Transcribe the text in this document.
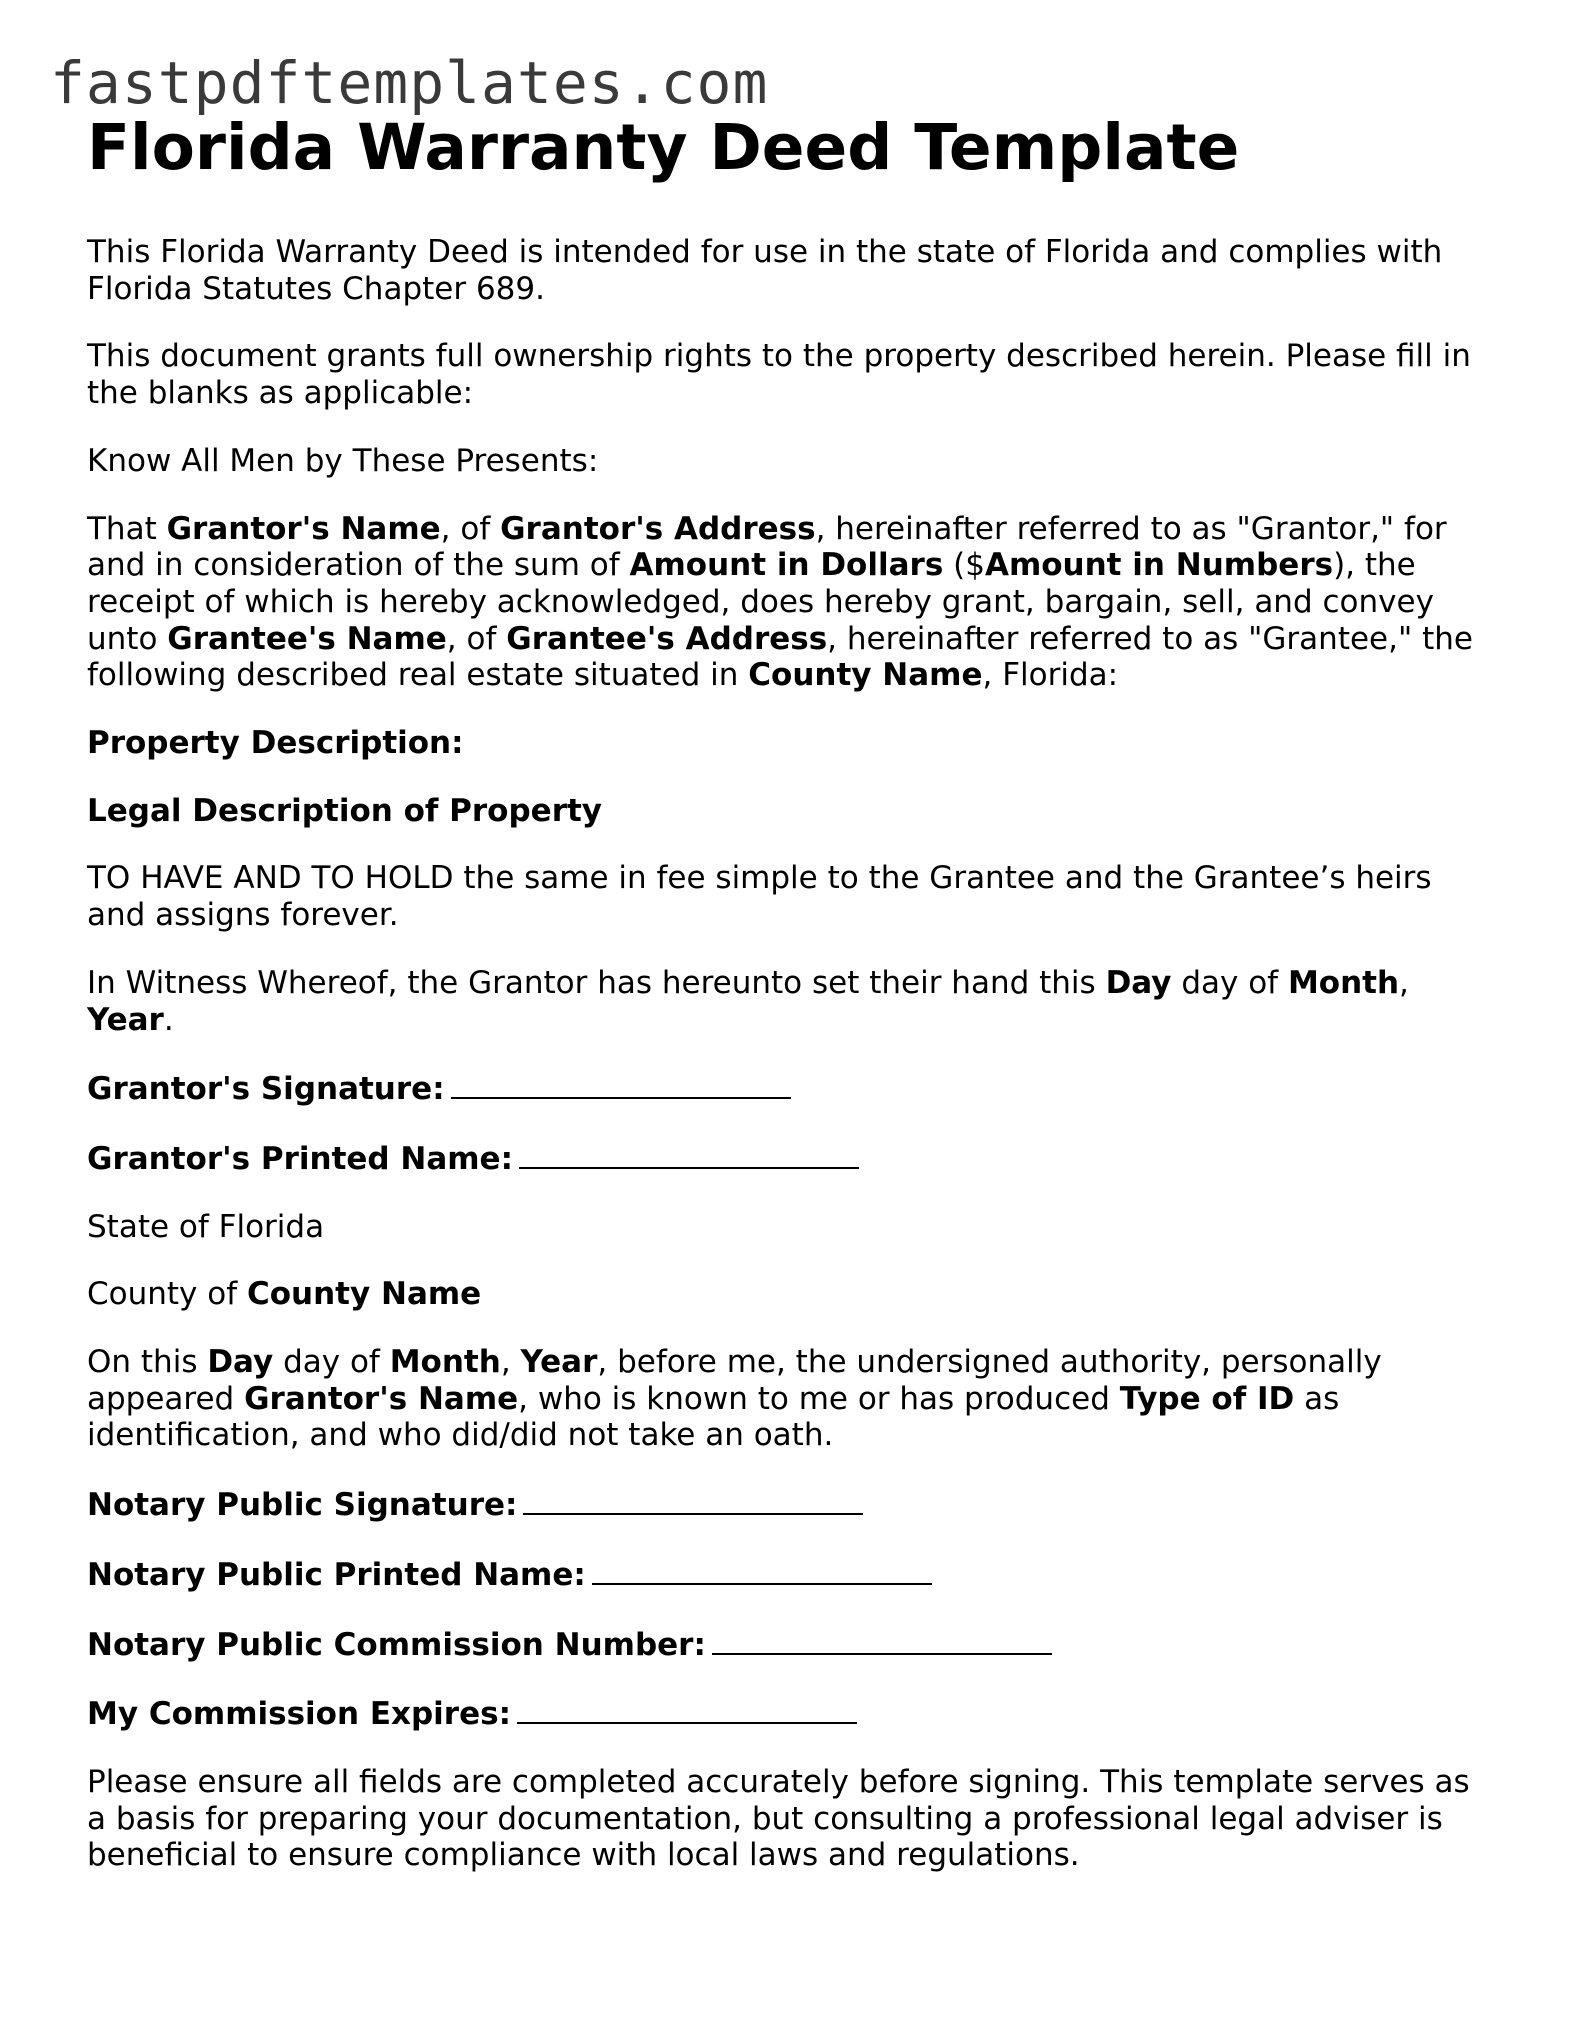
fastpdftemplates.com
Florida Warranty Deed Template

This Florida Warranty Deed is intended for use in the state of Florida and complies with Florida Statutes Chapter 689.

This document grants full ownership rights to the property described herein. Please fill in the blanks as applicable:

Know All Men by These Presents:

That Grantor's Name, of Grantor's Address, hereinafter referred to as "Grantor," for and in consideration of the sum of Amount in Dollars ($Amount in Numbers), the receipt of which is hereby acknowledged, does hereby grant, bargain, sell, and convey unto Grantee's Name, of Grantee's Address, hereinafter referred to as "Grantee," the following described real estate situated in County Name, Florida:

Property Description:

Legal Description of Property

TO HAVE AND TO HOLD the same in fee simple to the Grantee and the Grantee’s heirs and assigns forever.

In Witness Whereof, the Grantor has hereunto set their hand this Day day of Month, Year.

Grantor's Signature:

Grantor's Printed Name:

State of Florida

County of County Name

On this Day day of Month, Year, before me, the undersigned authority, personally appeared Grantor's Name, who is known to me or has produced Type of ID as identification, and who did/did not take an oath.

Notary Public Signature:

Notary Public Printed Name:

Notary Public Commission Number:

My Commission Expires:

Please ensure all fields are completed accurately before signing. This template serves as a basis for preparing your documentation, but consulting a professional legal adviser is beneficial to ensure compliance with local laws and regulations.
